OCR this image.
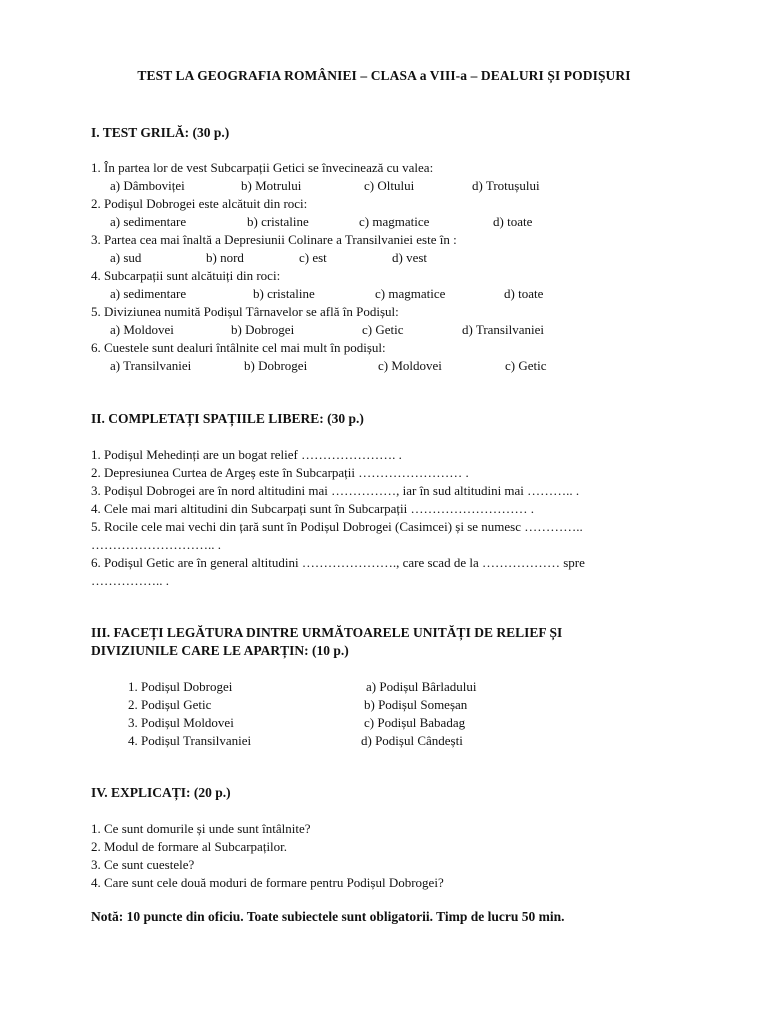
TEST LA GEOGRAFIA ROMÂNIEI – CLASA a VIII-a – DEALURI ȘI PODIȘURI
I. TEST GRILĂ: (30 p.)
1. În partea lor de vest Subcarpații Getici se învecinează cu valea:
a) Dâmboviței	b) Motrului	c) Oltului	d) Trotușului
2. Podișul Dobrogei este alcătuit din roci:
a) sedimentare	b) cristaline	c) magmatice	d) toate
3. Partea cea mai înaltă a Depresiunii Colinare a Transilvaniei este în :
a) sud	b) nord	c) est	d) vest
4. Subcarpații sunt alcătuiți din roci:
a) sedimentare	b) cristaline	c) magmatice	d) toate
5. Diviziunea numită Podișul Târnavelor se află în Podișul:
a) Moldovei	b) Dobrogei	c) Getic	d) Transilvaniei
6. Cuestele sunt dealuri întâlnite cel mai mult în podișul:
a) Transilvaniei	b) Dobrogei	c) Moldovei	c) Getic
II. COMPLETAȚI SPAȚIILE LIBERE: (30 p.)
1. Podișul Mehedinți are un bogat relief …………………. .
2. Depresiunea Curtea de Argeș este în Subcarpații …………………… .
3. Podișul Dobrogei are în nord altitudini mai ……………, iar în sud altitudini mai ……….. .
4. Cele mai mari altitudini din Subcarpați sunt în Subcarpații ……………………… .
5. Rocile cele mai vechi din țară sunt în Podișul Dobrogei (Casimcei) și se numesc …………..
……………………….. .
6. Podișul Getic are în general altitudini …………………., care scad de la ……………… spre
…………….. .
III. FACEȚI LEGĂTURA DINTRE URMĂTOARELE UNITĂȚI DE RELIEF ȘI
DIVIZIUNILE CARE LE APARȚIN: (10 p.)
1. Podișul Dobrogei	a) Podișul Bârladului
2. Podișul Getic	b) Podișul Someșan
3. Podișul Moldovei	c) Podișul Babadag
4. Podișul Transilvaniei	d) Podișul Cândești
IV. EXPLICAȚI: (20 p.)
1. Ce sunt domurile și unde sunt întâlnite?
2. Modul de formare al Subcarpaților.
3. Ce sunt cuestele?
4. Care sunt cele două moduri de formare pentru Podișul Dobrogei?
Notă: 10 puncte din oficiu. Toate subiectele sunt obligatorii. Timp de lucru 50 min.
